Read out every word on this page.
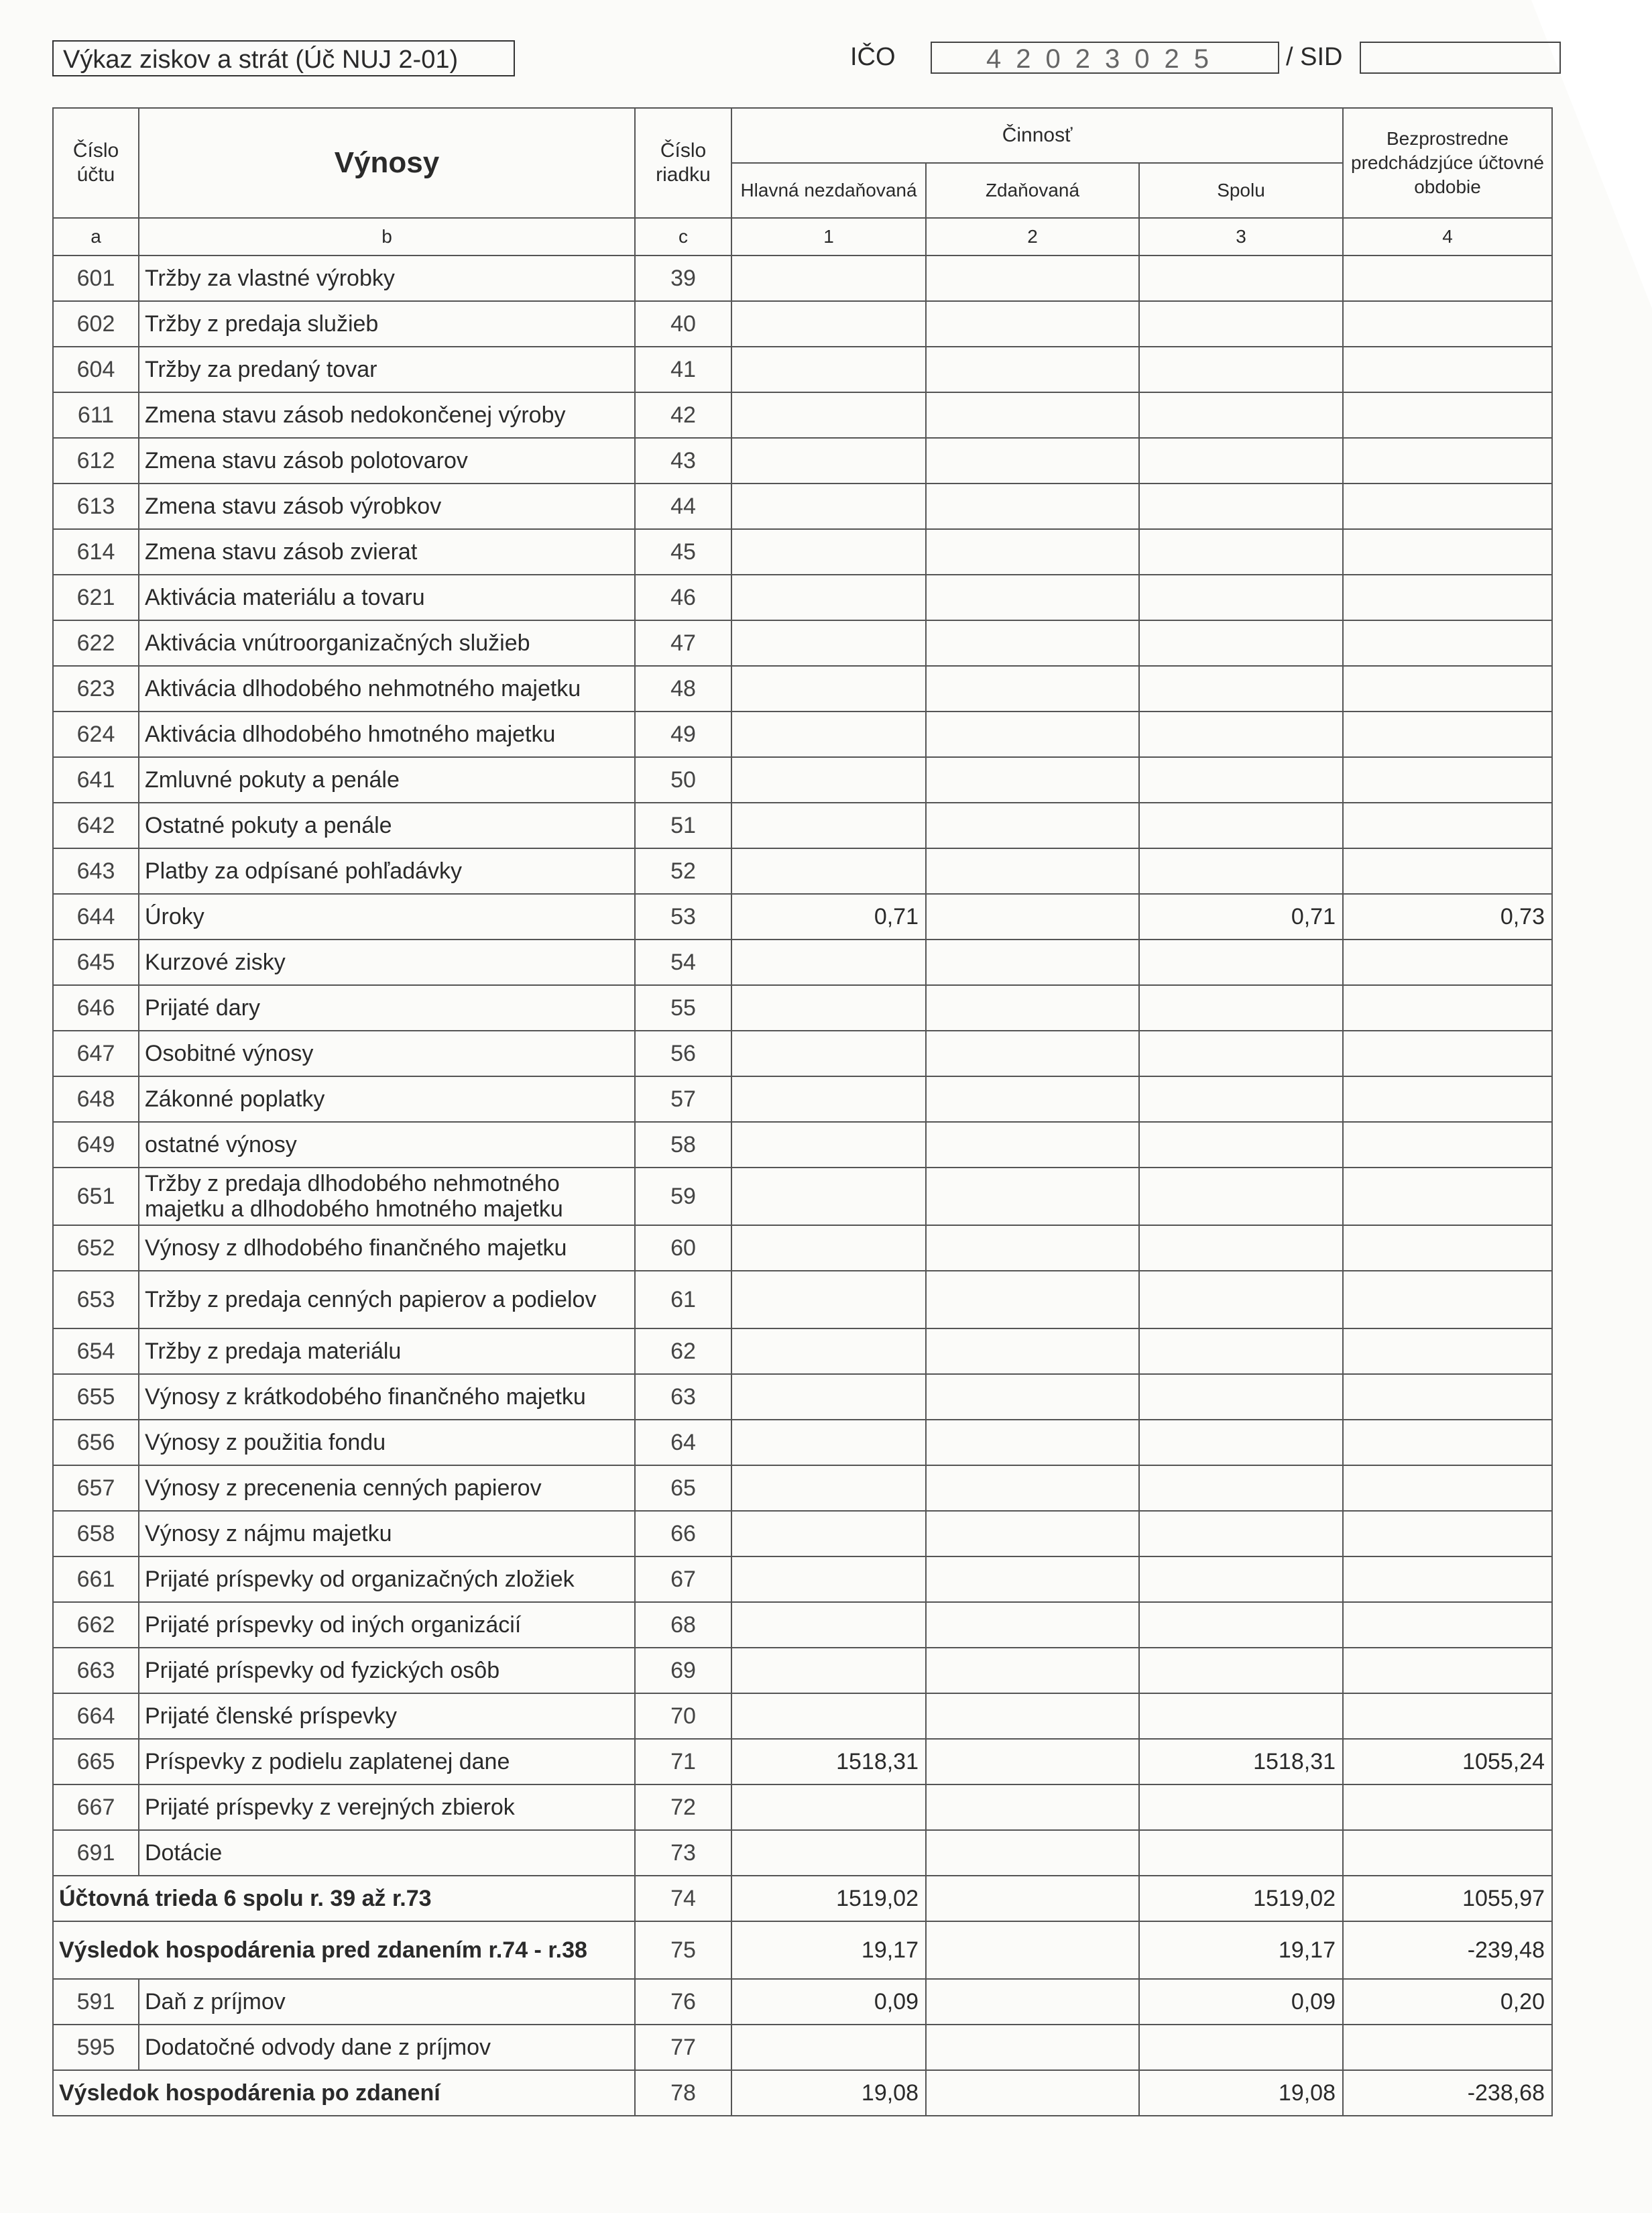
Výkaz ziskov a strát (Úč NUJ 2-01)	IČO	42023025	/ SID
Číslo účtu	Výnosy	Číslo riadku	Činnosť			Bezprostredne predchádzjúce účtovné obdobie
			Hlavná nezdaňovaná	Zdaňovaná	Spolu	
a	b	c	1	2	3	4
601	Tržby za vlastné výrobky	39				
602	Tržby z predaja služieb	40				
604	Tržby za predaný tovar	41				
611	Zmena stavu zásob nedokončenej výroby	42				
612	Zmena stavu zásob polotovarov	43				
613	Zmena stavu zásob výrobkov	44				
614	Zmena stavu zásob zvierat	45				
621	Aktivácia materiálu a tovaru	46				
622	Aktivácia vnútroorganizačných služieb	47				
623	Aktivácia dlhodobého nehmotného majetku	48				
624	Aktivácia dlhodobého hmotného majetku	49				
641	Zmluvné pokuty a penále	50				
642	Ostatné pokuty a penále	51				
643	Platby za odpísané pohľadávky	52				
644	Úroky	53	0,71		0,71	0,73
645	Kurzové zisky	54				
646	Prijaté dary	55				
647	Osobitné výnosy	56				
648	Zákonné poplatky	57				
649	ostatné výnosy	58				
651	Tržby z predaja dlhodobého nehmotného majetku a dlhodobého hmotného majetku	59				
652	Výnosy z dlhodobého finančného majetku	60				
653	Tržby z predaja cenných papierov a podielov	61				
654	Tržby z predaja materiálu	62				
655	Výnosy z krátkodobého finančného majetku	63				
656	Výnosy z použitia fondu	64				
657	Výnosy z precenenia cenných papierov	65				
658	Výnosy z nájmu majetku	66				
661	Prijaté príspevky od organizačných zložiek	67				
662	Prijaté príspevky od iných organizácií	68				
663	Prijaté príspevky od fyzických osôb	69				
664	Prijaté členské príspevky	70				
665	Príspevky z podielu zaplatenej dane	71	1518,31		1518,31	1055,24
667	Prijaté príspevky z verejných zbierok	72				
691	Dotácie	73				
Účtovná trieda 6 spolu r. 39 až r.73		74	1519,02		1519,02	1055,97
Výsledok hospodárenia pred zdanením r.74 - r.38		75	19,17		19,17	-239,48
591	Daň z príjmov	76	0,09		0,09	0,20
595	Dodatočné odvody dane z príjmov	77				
Výsledok hospodárenia po zdanení		78	19,08		19,08	-238,68
